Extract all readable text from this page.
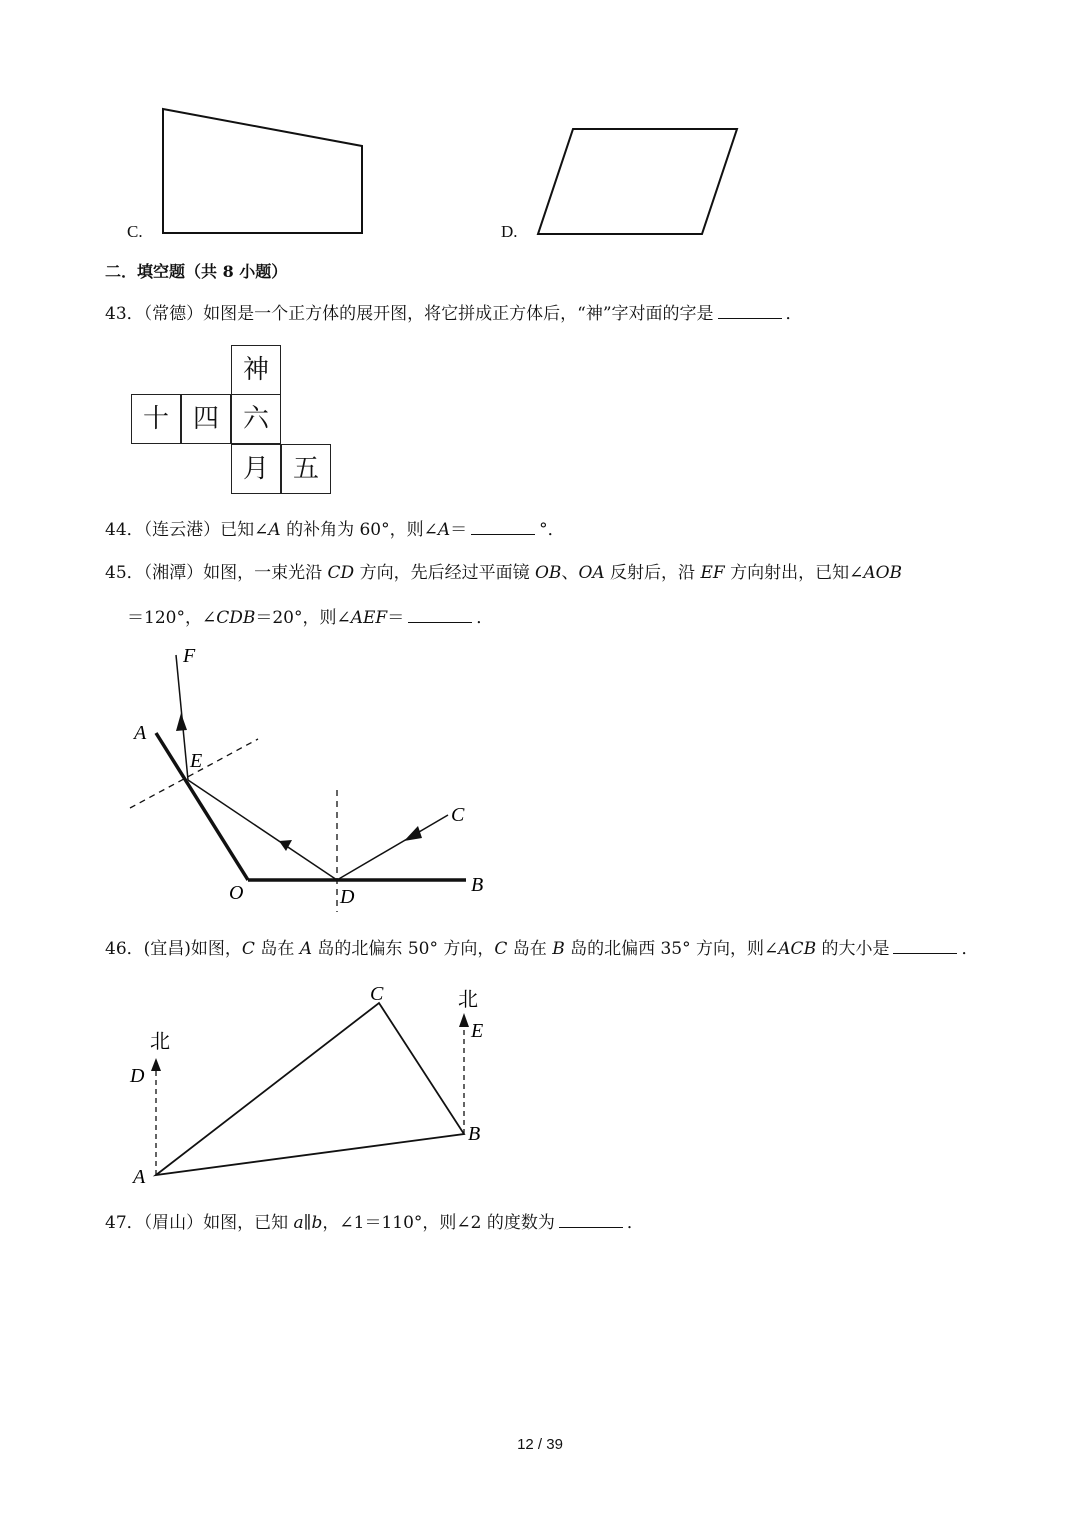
C.	D.
二．填空题（共 8 小题）
43．（常德）如图是一个正方体的展开图，将它拼成正方体后，“神”字对面的字是	．
神
十 四 六
月 五
44．（连云港）已知∠A 的补角为 60°，则∠A＝	°．
45．（湘潭）如图，一束光沿 CD 方向，先后经过平面镜 OB、OA 反射后，沿 EF 方向射出，已知∠AOB
＝120°，∠CDB＝20°，则∠AEF＝	．
F
A
E
C
O	D
B
46．(宜昌)如图，C 岛在 A 岛的北偏东 50° 方向，C 岛在 B 岛的北偏西 35° 方向，则∠ACB 的大小是	．
北
北
C
D
E
A
B
47．（眉山）如图，已知 a∥b，∠1＝110°，则∠2 的度数为	．
12 / 39
